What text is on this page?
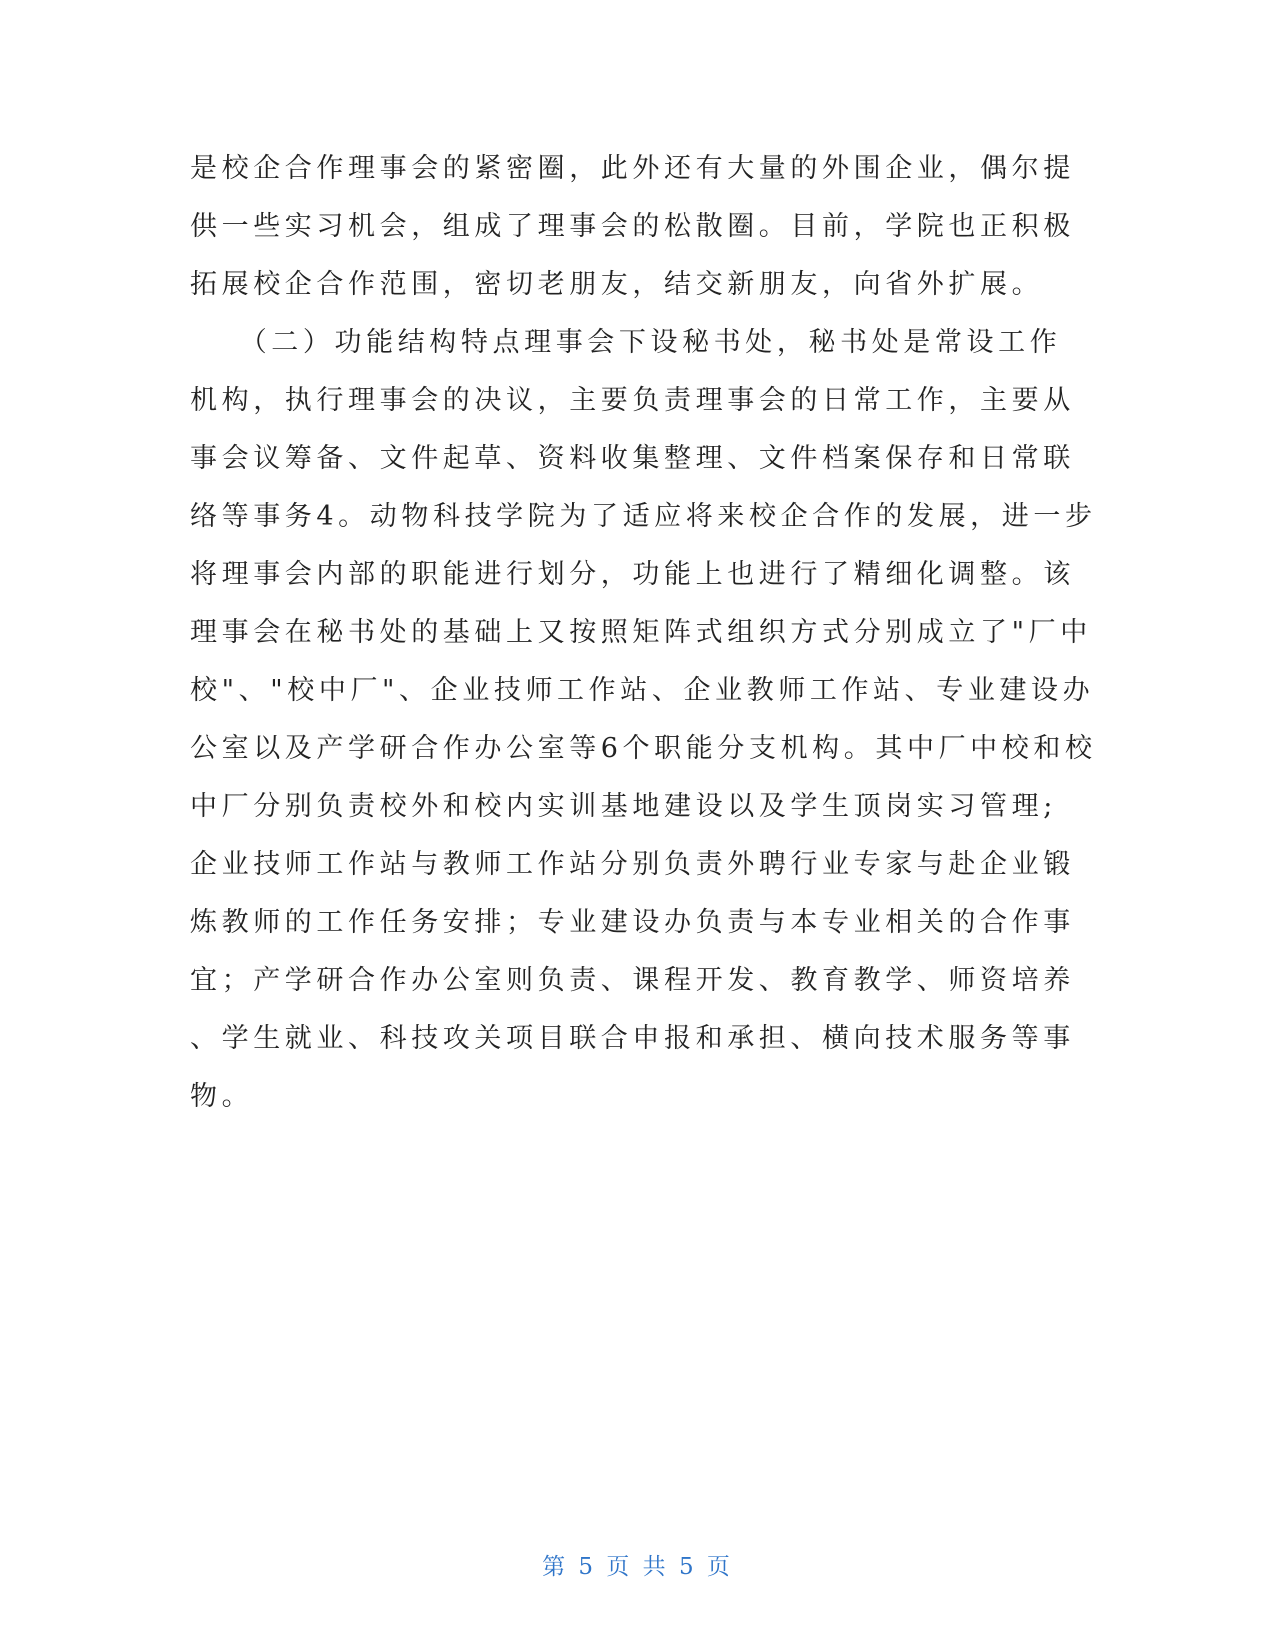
是校企合作理事会的紧密圈，此外还有大量的外围企业，偶尔提
供一些实习机会，组成了理事会的松散圈。目前，学院也正积极
拓展校企合作范围，密切老朋友，结交新朋友，向省外扩展。
　　（二）功能结构特点理事会下设秘书处，秘书处是常设工作
机构，执行理事会的决议，主要负责理事会的日常工作，主要从
事会议筹备、文件起草、资料收集整理、文件档案保存和日常联
络等事务4。动物科技学院为了适应将来校企合作的发展，进一步
将理事会内部的职能进行划分，功能上也进行了精细化调整。该
理事会在秘书处的基础上又按照矩阵式组织方式分别成立了"厂中
校"、"校中厂"、企业技师工作站、企业教师工作站、专业建设办
公室以及产学研合作办公室等6个职能分支机构。其中厂中校和校
中厂分别负责校外和校内实训基地建设以及学生顶岗实习管理;
企业技师工作站与教师工作站分别负责外聘行业专家与赴企业锻
炼教师的工作任务安排；专业建设办负责与本专业相关的合作事
宜；产学研合作办公室则负责、课程开发、教育教学、师资培养
、学生就业、科技攻关项目联合申报和承担、横向技术服务等事
物。
第 5 页 共 5 页
